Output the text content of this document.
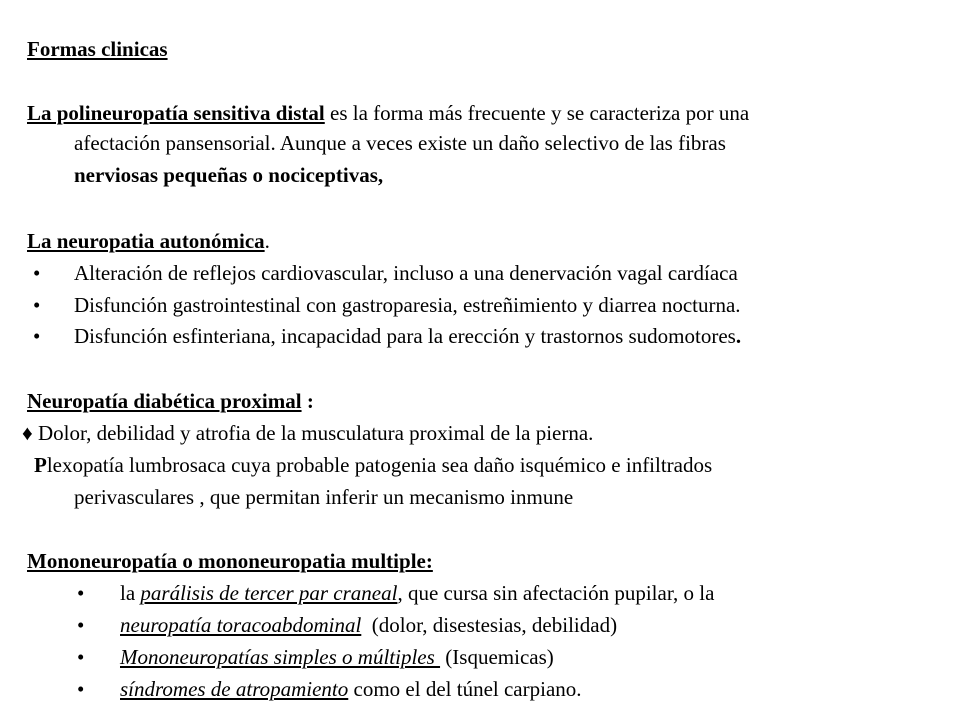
Formas clinicas
La polineuropatía sensitiva distal es la forma más frecuente y se caracteriza por una
afectación pansensorial. Aunque a veces existe un daño selectivo de las fibras
nerviosas pequeñas o nociceptivas,
La neuropatia autonómica.
• Alteración de reflejos cardiovascular, incluso a una denervación vagal cardíaca
• Disfunción gastrointestinal con gastroparesia, estreñimiento y diarrea nocturna.
• Disfunción esfinteriana, incapacidad para la erección y trastornos sudomotores.
Neuropatía diabética proximal :
♦ Dolor, debilidad y atrofia de la musculatura proximal de la pierna.
Plexopatía lumbrosaca cuya probable patogenia sea daño isquémico e infiltrados
perivasculares , que permitan inferir un mecanismo inmune
Mononeuropatía o mononeuropatia multiple:
• la parálisis de tercer par craneal, que cursa sin afectación pupilar, o la
• neuropatía toracoabdominal  (dolor, disestesias, debilidad)
• Mononeuropatías simples o múltiples  (Isquemicas)
• síndromes de atropamiento como el del túnel carpiano.
